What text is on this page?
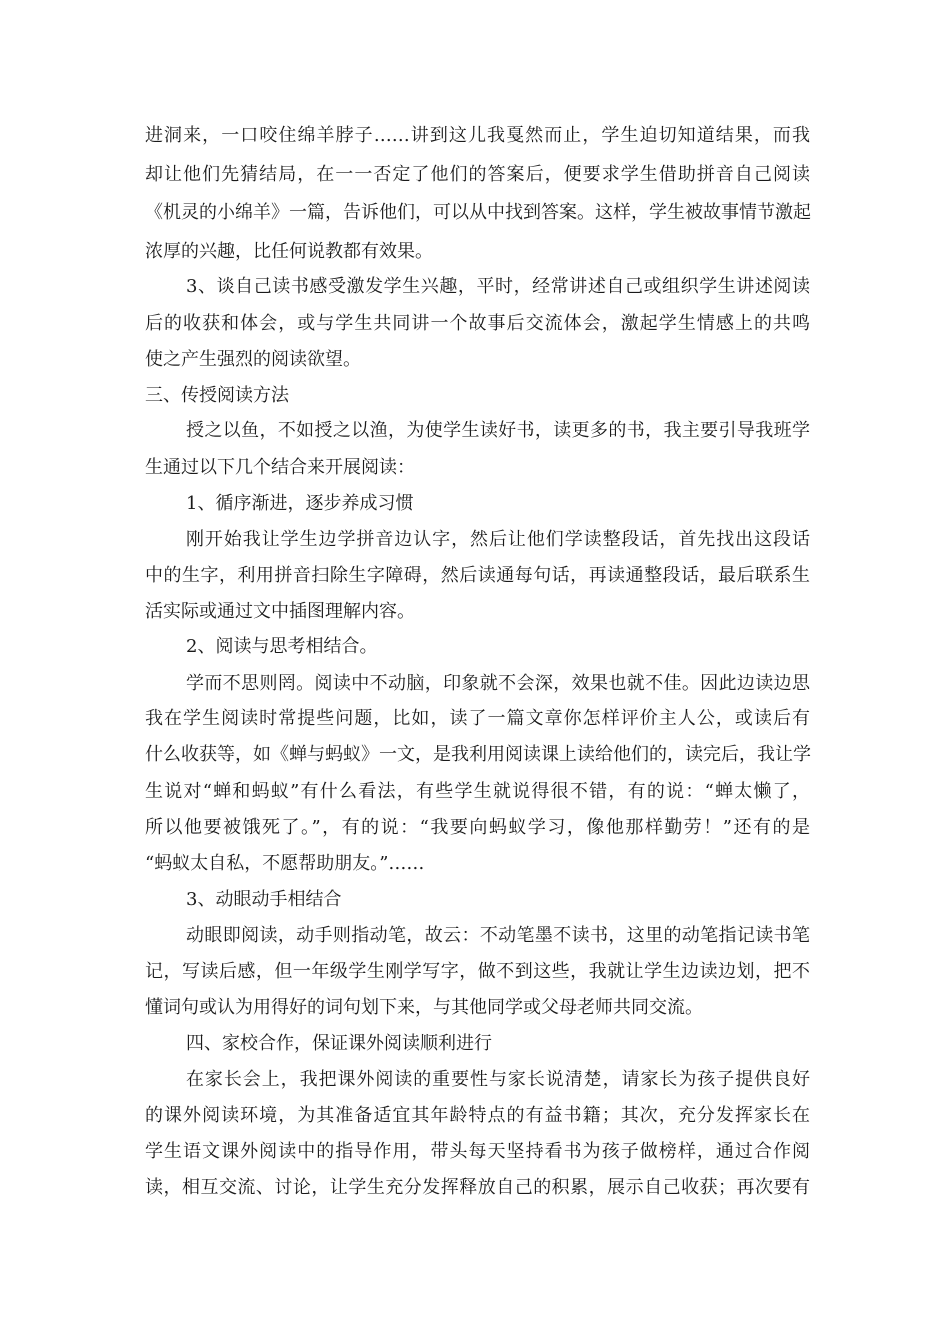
进洞来，一口咬住绵羊脖子……讲到这儿我戛然而止，学生迫切知道结果，而我
却让他们先猜结局，在一一否定了他们的答案后，便要求学生借助拼音自己阅读
《机灵的小绵羊》一篇，告诉他们，可以从中找到答案。这样，学生被故事情节激起
浓厚的兴趣，比任何说教都有效果。
3、谈自己读书感受激发学生兴趣，平时，经常讲述自己或组织学生讲述阅读
后的收获和体会，或与学生共同讲一个故事后交流体会，激起学生情感上的共鸣
使之产生强烈的阅读欲望。
三、传授阅读方法
授之以鱼，不如授之以渔，为使学生读好书，读更多的书，我主要引导我班学
生通过以下几个结合来开展阅读：
1、循序渐进，逐步养成习惯
刚开始我让学生边学拼音边认字，然后让他们学读整段话，首先找出这段话
中的生字，利用拼音扫除生字障碍，然后读通每句话，再读通整段话，最后联系生
活实际或通过文中插图理解内容。
2、阅读与思考相结合。
学而不思则罔。阅读中不动脑，印象就不会深，效果也就不佳。因此边读边思
我在学生阅读时常提些问题，比如，读了一篇文章你怎样评价主人公，或读后有
什么收获等，如《蝉与蚂蚁》一文，是我利用阅读课上读给他们的，读完后，我让学
生说对“蝉和蚂蚁”有什么看法，有些学生就说得很不错，有的说：“蝉太懒了，
所以他要被饿死了。”，有的说：“我要向蚂蚁学习，像他那样勤劳！”还有的是
“蚂蚁太自私，不愿帮助朋友。”……
3、动眼动手相结合
动眼即阅读，动手则指动笔，故云：不动笔墨不读书，这里的动笔指记读书笔
记，写读后感，但一年级学生刚学写字，做不到这些，我就让学生边读边划，把不
懂词句或认为用得好的词句划下来，与其他同学或父母老师共同交流。
四、家校合作，保证课外阅读顺利进行
在家长会上，我把课外阅读的重要性与家长说清楚，请家长为孩子提供良好
的课外阅读环境，为其准备适宜其年龄特点的有益书籍；其次，充分发挥家长在
学生语文课外阅读中的指导作用，带头每天坚持看书为孩子做榜样，通过合作阅
读，相互交流、讨论，让学生充分发挥释放自己的积累，展示自己收获；再次要有
